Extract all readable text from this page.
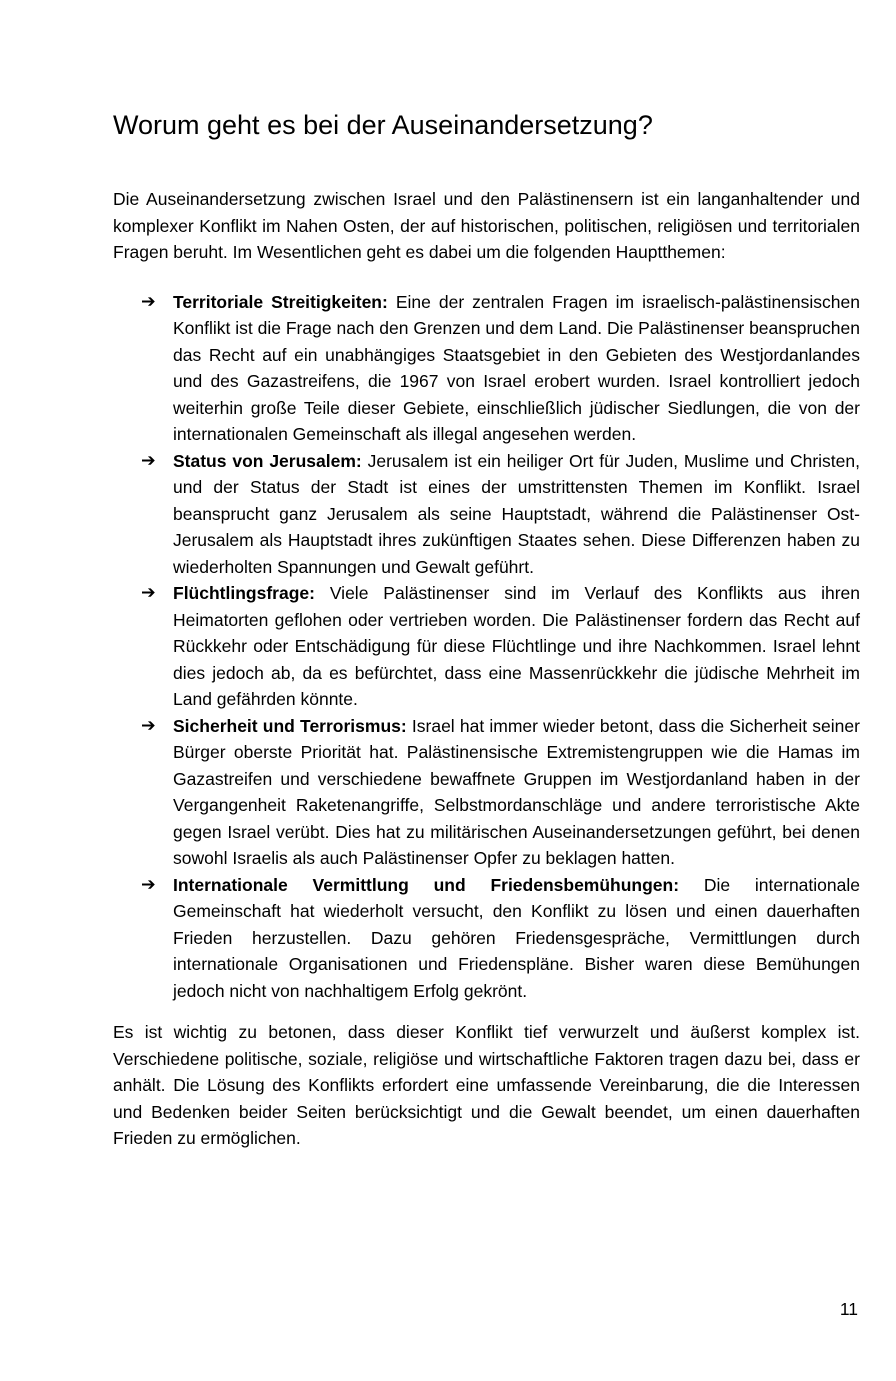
Worum geht es bei der Auseinandersetzung?

Die Auseinandersetzung zwischen Israel und den Palästinensern ist ein langanhaltender und komplexer Konflikt im Nahen Osten, der auf historischen, politischen, religiösen und territorialen Fragen beruht. Im Wesentlichen geht es dabei um die folgenden Hauptthemen:

➔ Territoriale Streitigkeiten: Eine der zentralen Fragen im israelisch-palästinensischen Konflikt ist die Frage nach den Grenzen und dem Land. Die Palästinenser beanspruchen das Recht auf ein unabhängiges Staatsgebiet in den Gebieten des Westjordanlandes und des Gazastreifens, die 1967 von Israel erobert wurden. Israel kontrolliert jedoch weiterhin große Teile dieser Gebiete, einschließlich jüdischer Siedlungen, die von der internationalen Gemeinschaft als illegal angesehen werden.
➔ Status von Jerusalem: Jerusalem ist ein heiliger Ort für Juden, Muslime und Christen, und der Status der Stadt ist eines der umstrittensten Themen im Konflikt. Israel beansprucht ganz Jerusalem als seine Hauptstadt, während die Palästinenser Ost-Jerusalem als Hauptstadt ihres zukünftigen Staates sehen. Diese Differenzen haben zu wiederholten Spannungen und Gewalt geführt.
➔ Flüchtlingsfrage: Viele Palästinenser sind im Verlauf des Konflikts aus ihren Heimatorten geflohen oder vertrieben worden. Die Palästinenser fordern das Recht auf Rückkehr oder Entschädigung für diese Flüchtlinge und ihre Nachkommen. Israel lehnt dies jedoch ab, da es befürchtet, dass eine Massenrückkehr die jüdische Mehrheit im Land gefährden könnte.
➔ Sicherheit und Terrorismus: Israel hat immer wieder betont, dass die Sicherheit seiner Bürger oberste Priorität hat. Palästinensische Extremistengruppen wie die Hamas im Gazastreifen und verschiedene bewaffnete Gruppen im Westjordanland haben in der Vergangenheit Raketenangriffe, Selbstmordanschläge und andere terroristische Akte gegen Israel verübt. Dies hat zu militärischen Auseinandersetzungen geführt, bei denen sowohl Israelis als auch Palästinenser Opfer zu beklagen hatten.
➔ Internationale Vermittlung und Friedensbemühungen: Die internationale Gemeinschaft hat wiederholt versucht, den Konflikt zu lösen und einen dauerhaften Frieden herzustellen. Dazu gehören Friedensgespräche, Vermittlungen durch internationale Organisationen und Friedenspläne. Bisher waren diese Bemühungen jedoch nicht von nachhaltigem Erfolg gekrönt.

Es ist wichtig zu betonen, dass dieser Konflikt tief verwurzelt und äußerst komplex ist. Verschiedene politische, soziale, religiöse und wirtschaftliche Faktoren tragen dazu bei, dass er anhält. Die Lösung des Konflikts erfordert eine umfassende Vereinbarung, die die Interessen und Bedenken beider Seiten berücksichtigt und die Gewalt beendet, um einen dauerhaften Frieden zu ermöglichen.

11
